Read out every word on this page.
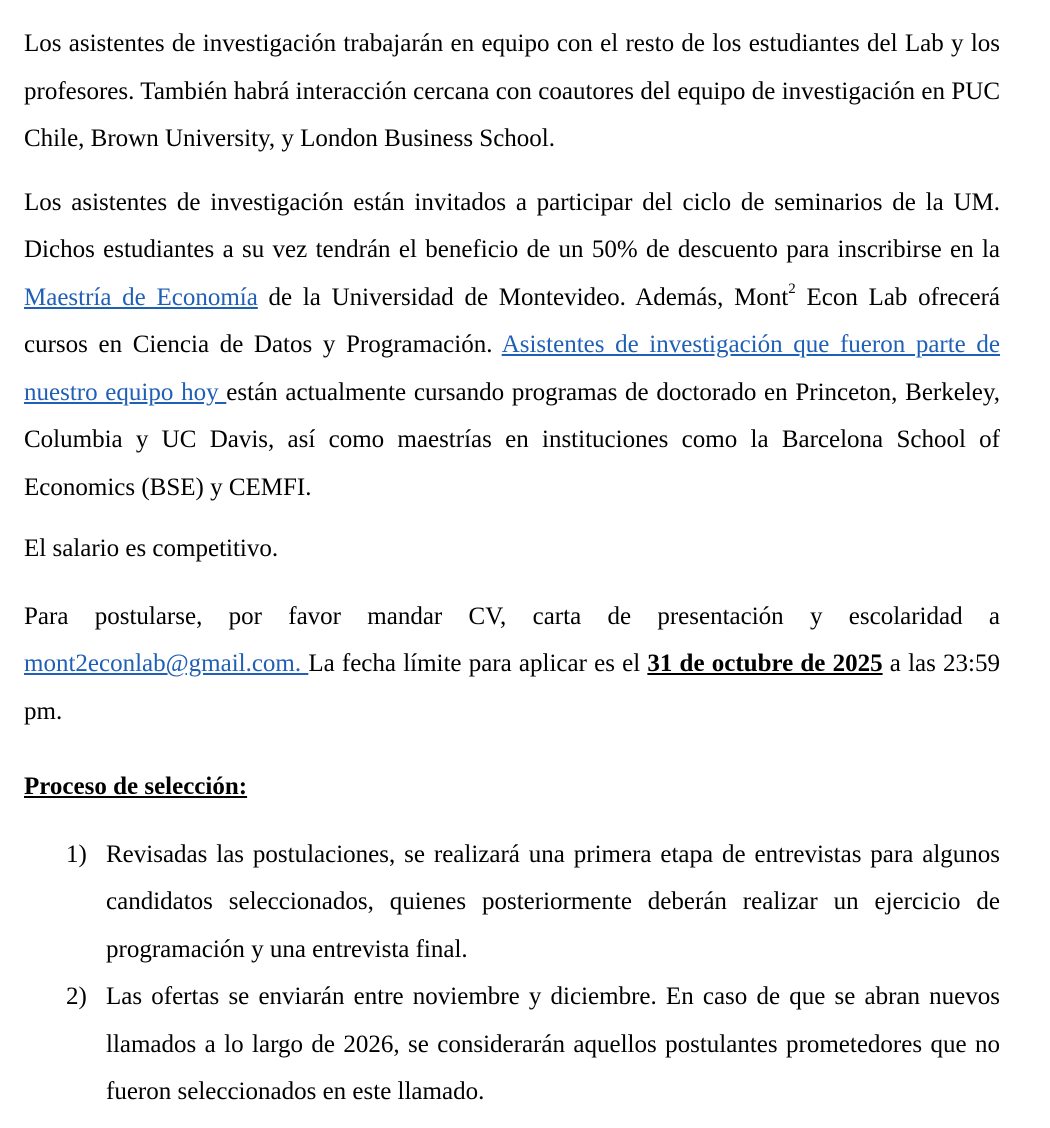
Los asistentes de investigación trabajarán en equipo con el resto de los estudiantes del Lab y los profesores. También habrá interacción cercana con coautores del equipo de investigación en PUC Chile, Brown University, y London Business School.

Los asistentes de investigación están invitados a participar del ciclo de seminarios de la UM. Dichos estudiantes a su vez tendrán el beneficio de un 50% de descuento para inscribirse en la Maestría de Economía de la Universidad de Montevideo. Además, Mont$^2$ Econ Lab ofrecerá cursos en Ciencia de Datos y Programación. Asistentes de investigación que fueron parte de nuestro equipo hoy están actualmente cursando programas de doctorado en Princeton, Berkeley, Columbia y UC Davis, así como maestrías en instituciones como la Barcelona School of Economics (BSE) y CEMFI.

El salario es competitivo.

Para postularse, por favor mandar CV, carta de presentación y escolaridad a mont2econlab@gmail.com. La fecha límite para aplicar es el 31 de octubre de 2025 a las 23:59 pm.

Proceso de selección:
1) Revisadas las postulaciones, se realizará una primera etapa de entrevistas para algunos candidatos seleccionados, quienes posteriormente deberán realizar un ejercicio de programación y una entrevista final.
2) Las ofertas se enviarán entre noviembre y diciembre. En caso de que se abran nuevos llamados a lo largo de 2026, se considerarán aquellos postulantes prometedores que no fueron seleccionados en este llamado.
